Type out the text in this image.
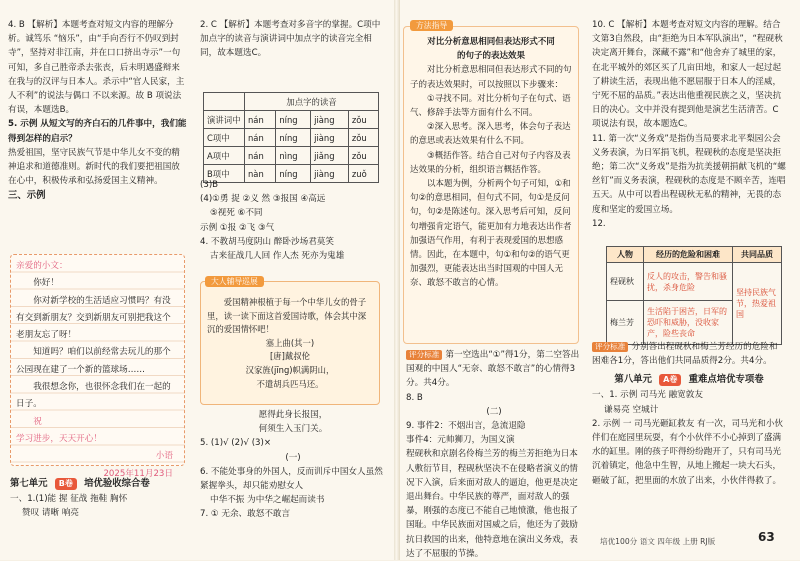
4. B 【解析】本题考查对短文内容的理解分析。诚笃乐 “恼乐”，由“手向否行不仍叹到封寺”，坚持对非江南，并在口口挤出寺示”一句可知，多自己胜帝杀去张丧，后未明遇盛辩来在我与的汉评与日本人。杀示中“官人民家，主人不利”的说法与偶口 不以来源。故 B 项说法有误，本题选B。

5. 示例 从短文写的齐白石的几件事中，我们能得到怎样的启示？

热爱祖国，坚守民族气节是中华儿女不变的精神追求和道德准则。新时代的我们要把祖国放在心中，积极传承和弘扬爱国主义精神。

三、示例

亲爱的小文：
你好！
你对新学校的生活适应习惯吗？有没有交到新朋友？交到新朋友可别把我这个老朋友忘了呀！
知道吗？咱们以前经常去玩儿的那个公园现在建了一个新的篮球场……
我很想念你，也很怀念我们在一起的日子。
祝
学习进步，天天开心！
小语
2025年11月23日

第七单元 B卷 培优验收综合卷

一、1.(1)能 握 征战 拖鞋 胸怀

赞叹 请晰 响亮

2. C 【解析】本题考查对多音字的掌握。C项中加点字的读音与演讲词中加点字的读音完全相同，故本题选C。

	加点字的读音			
演讲词中	nán	níng	jiàng	zǒu
C项中	nán	níng	jiàng	zǒu
A项中	nán	nìng	jiǎng	zǒu
B项中	nàn	níng	jiàng	zuǒ

(3)B

(4)①勇 捉 ②义 然 ③报国 ④高远

⑤视死 ⑥不同

示例 ①报 ②飞 ③气

4. 不教胡马度阴山 醉卧沙场君莫笑

古来征战几人回 作人杰 死亦为鬼雄

大人辅导巡展

爱国精神根植于每一个中华儿女的骨子里，读一读下面这首爱国诗歌，体会其中深沉的爱国情怀吧！

塞上曲(其一)

[唐]戴叔伦

汉家旌(jīng)帜满阴山，

不遣胡兵匹马还。

愿得此身长报国，

何须生入玉门关。

5. (1)√ (2)√ (3)×

(一)

6. 不能处事身的外国人，反而训斥中国女人虽然紧握拳头，却只能劝慰女人

中华不振 为中华之崛起而读书

7. ① 无余、敢怒不敢言

方法指导

对比分析意思相同但表达形式不同

的句子的表达效果

对比分析意思相同但表达形式不同的句子的表达效果时，可以按照以下步骤来：

①寻找不同。对比分析句子在句式、语气、修辞手法等方面有什么不同。

②深入思考。深入思考，体会句子表达的意思或表达效果有什么不同。

③概括作答。结合自己对句子内容及表达效果的分析，组织语言概括作答。

以本题为例，分析两个句子可知，①和句②的意思相同，但句式不同，句①是反问句，句②是陈述句。深入思考后可知，反问句增强肯定语气，能更加有力地表达出作者加强语气作用，有利于表现爱国的思想感情。因此，在本题中，句①和句②的语气更加强烈，更能表达出当时国观的中国人无奈、敢怒不敢言的心情。

评分标准 第一空选出“①”得1分，第二空答出国观的中国人“无奈、敢怒不敢言”的心情得3分。共4分。

8. B

(二)

9. 事件2：不烟出言，急流退隐

事件4：元帅狮刀，为国义演

程砚秋和京剧名伶梅兰芳的梅兰芳拒绝为日本人敷衍节目，程砚秋坚决不在侵略者演义的情况下入演，后来面对敌人的逼迫，他更是决定退出舞台。中华民族的尊严，面对敌人的强暴，刚强的态度已不能自己地愤激，他也报了国耻。中华民族面对国威之后，他还为了鼓励抗日救国的出来，他特意地在演出义务戏，表达了不屈服的节操。

10. C 【解析】本题考查对短文内容的理解。结合文第3自然段，由“拒绝为日本军队演出”，“程砚秋决定离开舞台，深藏不露”和“他舍弃了城里的家，在北平城外的郊区买了几亩田地，和家人一起过起了耕读生活，表现出他不愿屈服于日本人的淫威，宁死不屈的品质。”表达出他重视民族之义，坚决抗日的决心。文中并没有提到他是演艺生活清苦。C项说法有误，故本题选C。

11. 第一次“义务戏”是指伪当局要求北平梨园公会义务表演，为日军捐飞机，程砚秋的态度是坚决拒绝；第二次“义务戏”是指为抗美援朝捐献飞机的“螺丝钉”而义务表演，程砚秋的态度是不顾辛苦，连唱五天。从中可以看出程砚秋无私的精神，无畏的态度和坚定的爱国立场。

12.

人物	经历的危险和困难	共同品质
程砚秋	反人的攻击，警告和骚扰，杀身危险	坚持民族气节，热爱祖国
梅兰芳	生活陷于困苦，日军的恐吓和威胁，没收家产，险些丧命	

评分标准 分别答出程砚秋和梅兰芳经历的危险和困难各1分，答出他们共同品质得2分。共4分。

第八单元 A卷 重难点培优专项卷

一、1. 示例 司马光 融宽敦友

谦易亮 空城计

2. 示例 一 司马光砸缸救友 有一次，司马光和小伙伴们在庭园里玩耍，有个小伙伴不小心掉到了盛满水的缸里。刚的孩子吓得纷纷跑开了，只有司马光沉着镇定，他急中生智，从地上搬起一块大石头，砸破了缸，把里面的水放了出来，小伙伴得救了。

培优100分 语文 四年级 上册 RJ版	63
